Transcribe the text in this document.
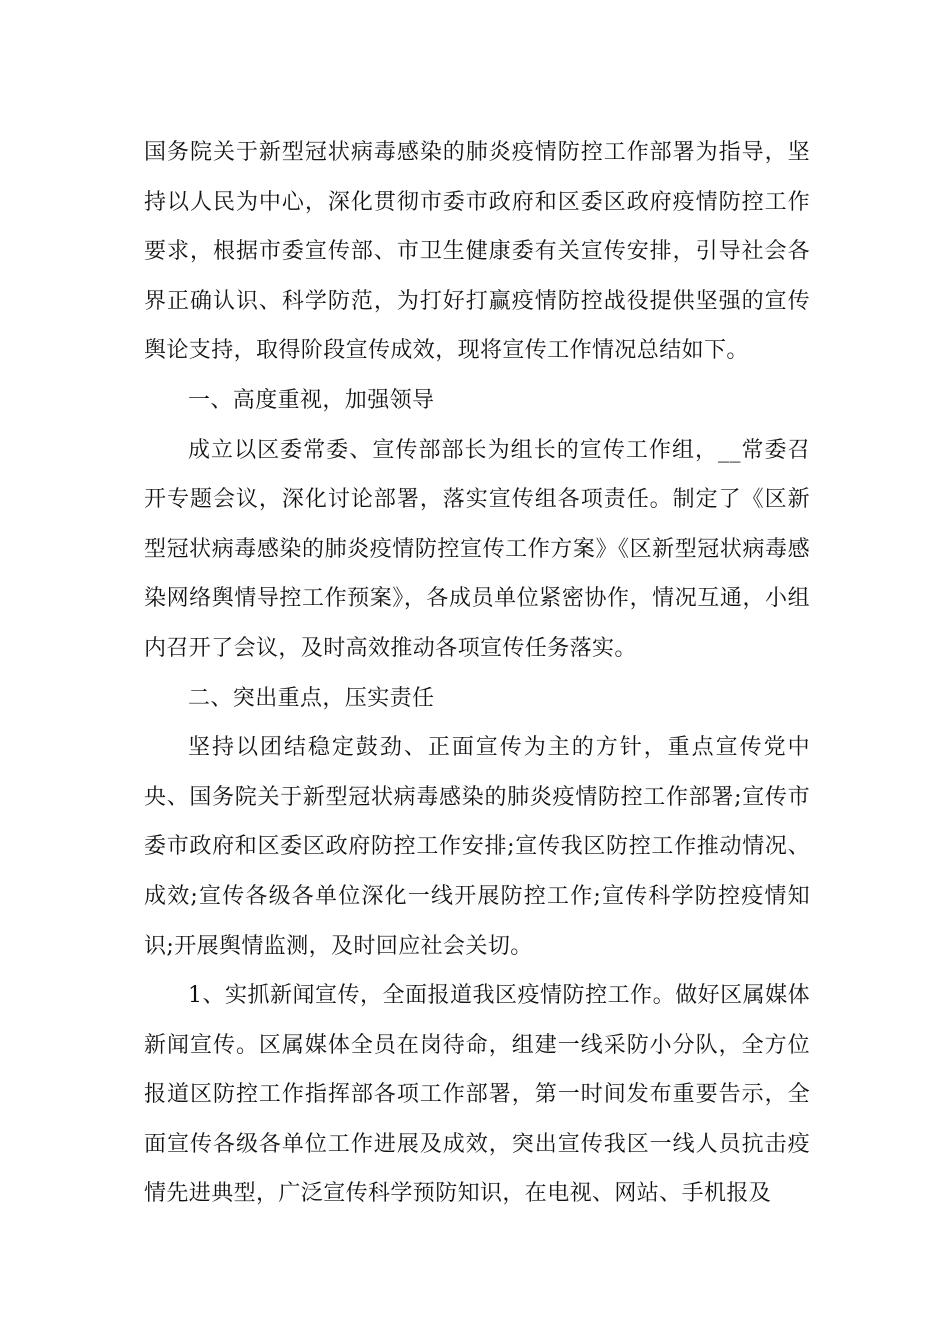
国务院关于新型冠状病毒感染的肺炎疫情防控工作部署为指导，坚持以人民为中心，深化贯彻市委市政府和区委区政府疫情防控工作要求，根据市委宣传部、市卫生健康委有关宣传安排，引导社会各界正确认识、科学防范，为打好打赢疫情防控战役提供坚强的宣传舆论支持，取得阶段宣传成效，现将宣传工作情况总结如下。

一、高度重视，加强领导

成立以区委常委、宣传部部长为组长的宣传工作组，__常委召开专题会议，深化讨论部署，落实宣传组各项责任。制定了《区新型冠状病毒感染的肺炎疫情防控宣传工作方案》《区新型冠状病毒感染网络舆情导控工作预案》，各成员单位紧密协作，情况互通，小组内召开了会议，及时高效推动各项宣传任务落实。

二、突出重点，压实责任

坚持以团结稳定鼓劲、正面宣传为主的方针，重点宣传党中央、国务院关于新型冠状病毒感染的肺炎疫情防控工作部署;宣传市委市政府和区委区政府防控工作安排;宣传我区防控工作推动情况、成效;宣传各级各单位深化一线开展防控工作;宣传科学防控疫情知识;开展舆情监测，及时回应社会关切。

1、实抓新闻宣传，全面报道我区疫情防控工作。做好区属媒体新闻宣传。区属媒体全员在岗待命，组建一线采防小分队，全方位报道区防控工作指挥部各项工作部署，第一时间发布重要告示，全面宣传各级各单位工作进展及成效，突出宣传我区一线人员抗击疫情先进典型，广泛宣传科学预防知识，在电视、网站、手机报及
